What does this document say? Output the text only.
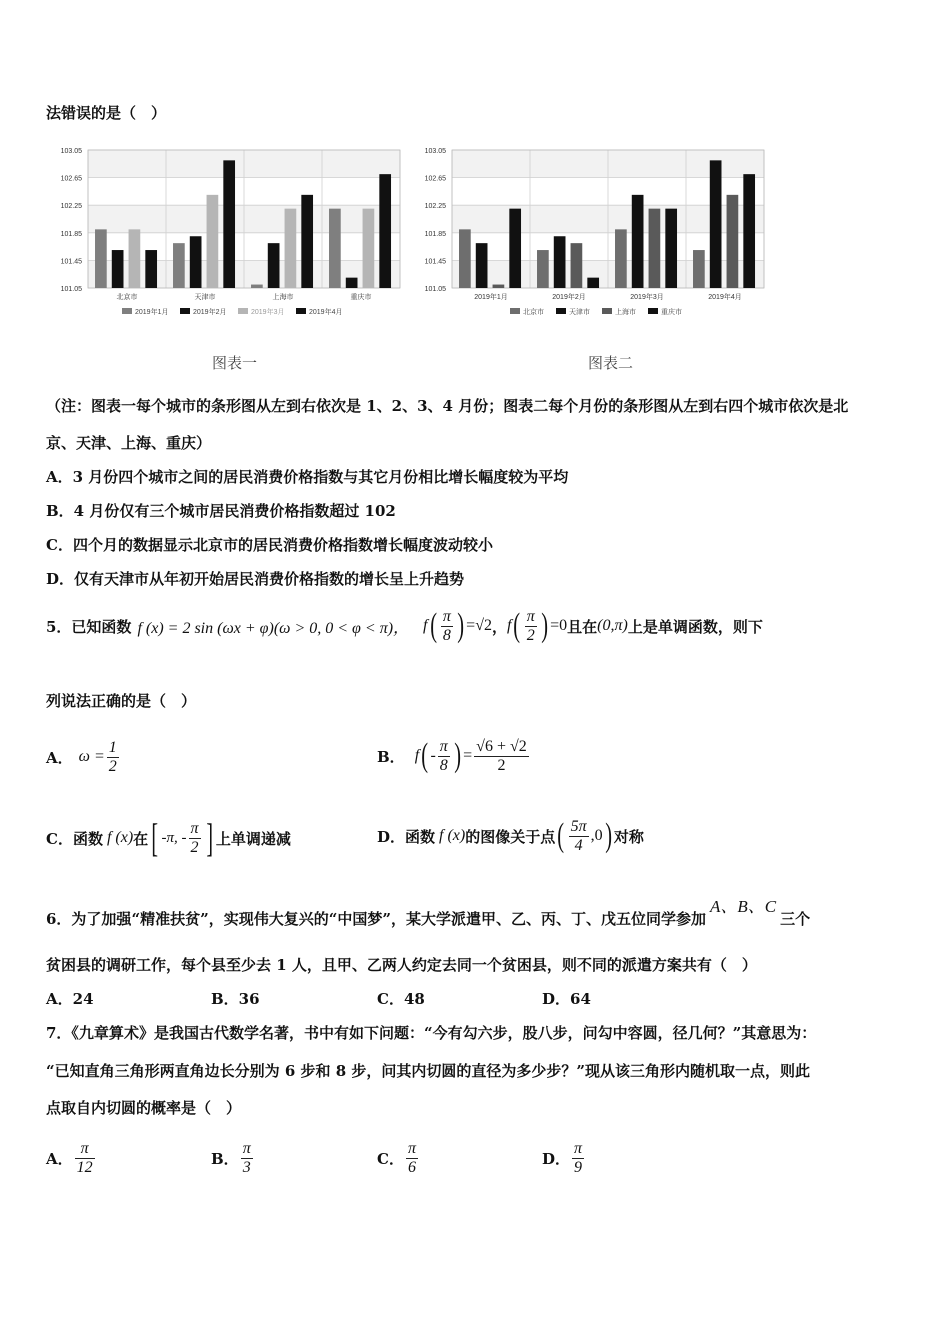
法错误的是（　）
103.05
102.65
102.25
101.85
101.45
101.05
北京市	天津市	上海市	重庆市
2019年1月	2019年2月	2019年3月	2019年4月
103.05
102.65
102.25
101.85
101.45
101.05
2019年1月	2019年2月	2019年3月	2019年4月
北京市	天津市	上海市	重庆市
图表一	图表二
（注：图表一每个城市的条形图从左到右依次是 1、2、3、4 月份；图表二每个月份的条形图从左到右四个城市依次是北
京、天津、上海、重庆）
A．3 月份四个城市之间的居民消费价格指数与其它月份相比增长幅度较为平均
B．4 月份仅有三个城市居民消费价格指数超过 102
C．四个月的数据显示北京市的居民消费价格指数增长幅度波动较小
D．仅有天津市从年初开始居民消费价格指数的增长呈上升趋势
5．已知函数 f (x) = 2 sin (ωx + φ)(ω > 0, 0 < φ < π)， f ( $\frac{\pi}{8}$ ) =√2 ， f ( $\frac{\pi}{2}$ ) =0 且在 (0,π) 上是单调函数，则下
列说法正确的是（　）
A． $\omega = \frac{1}{2}$	B． f ( - $\frac{\pi}{8}$ ) = $\frac{√6 + √2}{2}$
C．函数 f (x) 在 [ -π, - $\frac{\pi}{2}$ ] 上单调递减	D．函数 f (x) 的图像关于点 ( $\frac{5\pi}{4} ,0$ ) 对称
6．为了加强“精准扶贫”，实现伟大复兴的“中国梦”，某大学派遣甲、乙、丙、丁、戊五位同学参加A、B、C三个
贫困县的调研工作，每个县至少去 1 人，且甲、乙两人约定去同一个贫困县，则不同的派遣方案共有（　）
A．24	B．36	C．48	D．64
7．《九章算术》是我国古代数学名著，书中有如下问题：“今有勾六步，股八步，问勾中容圆，径几何？”其意思为：
“已知直角三角形两直角边长分别为 6 步和 8 步，问其内切圆的直径为多少步？”现从该三角形内随机取一点，则此
点取自内切圆的概率是（　）
A． $\frac{\pi}{12}$	B． $\frac{\pi}{3}$	C． $\frac{\pi}{6}$	D． $\frac{\pi}{9}$
